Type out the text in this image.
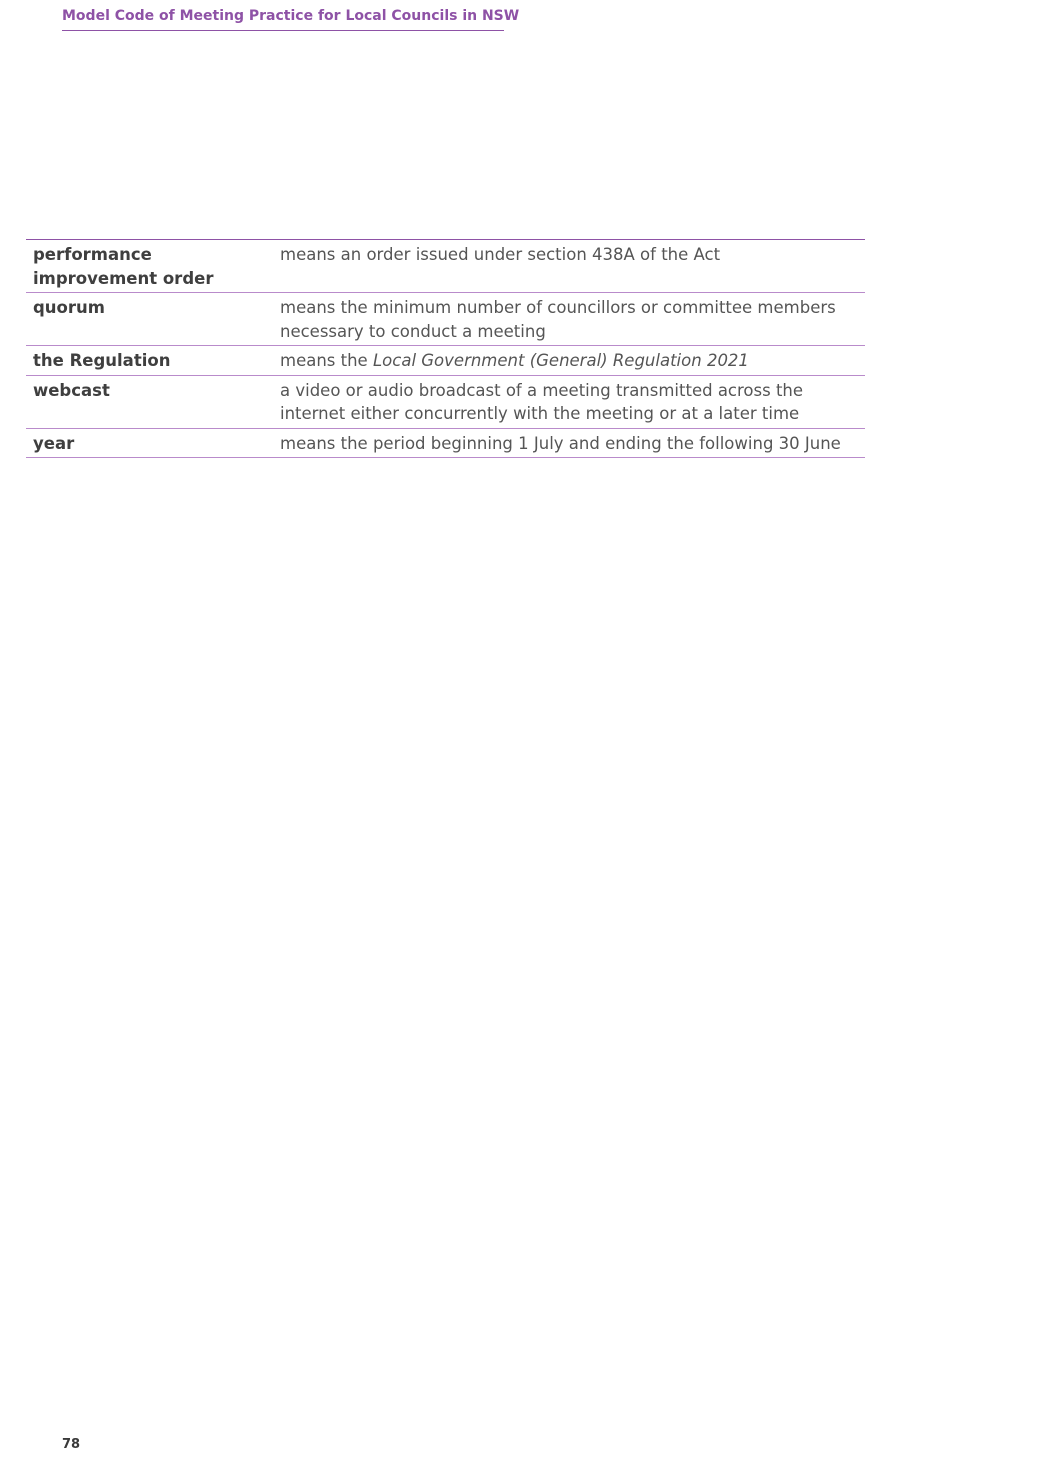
Model Code of Meeting Practice for Local Councils in NSW
performance improvement order	means an order issued under section 438A of the Act
quorum	means the minimum number of councillors or committee members necessary to conduct a meeting
the Regulation	means the Local Government (General) Regulation 2021
webcast	a video or audio broadcast of a meeting transmitted across the internet either concurrently with the meeting or at a later time
year	means the period beginning 1 July and ending the following 30 June
78
